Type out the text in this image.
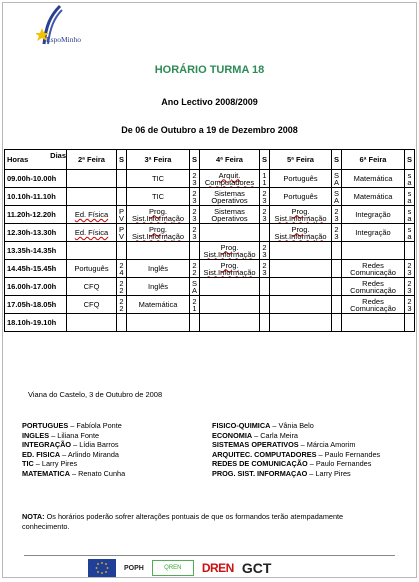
EspoMinho
HORÁRIO TURMA 18
Ano Lectivo 2008/2009
De 06 de Outubro a 19 de Dezembro 2008
Horas Dias	2ª Feira	S	3ª Feira	S	4ª Feira	S	5ª Feira	S	6ª Feira	S
09.00h-10.00h			TIC	2 3	Arquit. Computadores	1 1	Português	S A	Matemática	s a
10.10h-11.10h			TIC	2 3	Sistemas Operativos	2 3	Português	S A	Matemática	s a
11.20h-12.20h	Ed. Física	P V	Prog. Sist.Informação	2 3	Sistemas Operativos	2 3	Prog. Sist.Informação	2 3	Integração	s a
12.30h-13.30h	Ed. Física	P V	Prog. Sist.Informação	2 3			Prog. Sist.Informação	2 3	Integração	s a
13.35h-14.35h					Prog. Sist.Informação	2 3				
14.45h-15.45h	Português	2 4	Inglês	2 2	Prog. Sist.Informação	2 3			Redes Comunicação	2 3
16.00h-17.00h	CFQ	2 2	Inglês	S A					Redes Comunicação	2 3
17.05h-18.05h	CFQ	2 2	Matemática	2 1					Redes Comunicação	2 3
18.10h-19.10h										
Viana do Castelo, 3 de Outubro de 2008
PORTUGUES – Fabíola Ponte
INGLES – Liliana Fonte
INTEGRAÇÃO – Lídia Barros
ED. FISICA – Arlindo Miranda
TIC – Larry Pires
MATEMATICA – Renato Cunha
FISICO-QUIMICA – Vânia Belo
ECONOMIA – Carla Meira
SISTEMAS OPERATIVOS – Márcia Amorim
ARQUITEC. COMPUTADORES – Paulo Fernandes
REDES DE COMUNICAÇÃO – Paulo Fernandes
PROG. SIST. INFORMAÇAO – Larry Pires
NOTA: Os horários poderão sofrer alterações pontuais de que os formandos terão atempadamente conhecimento.
POPH	QREN	DREN GCT
